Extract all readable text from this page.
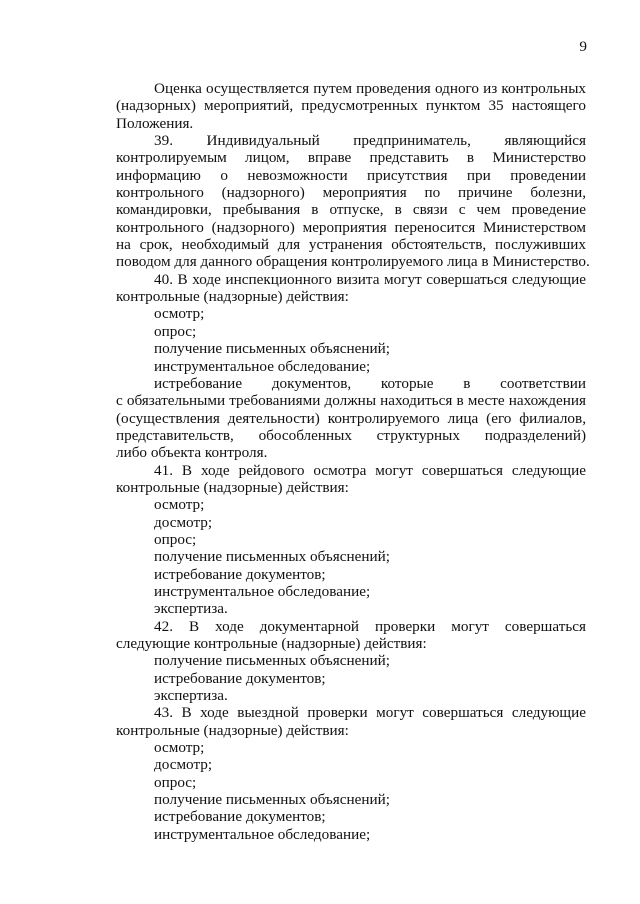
9
Оценка осуществляется путем проведения одного из контрольных
(надзорных) мероприятий, предусмотренных пунктом 35 настоящего
Положения.
39. Индивидуальный предприниматель, являющийся
контролируемым лицом, вправе представить в Министерство
информацию о невозможности присутствия при проведении
контрольного (надзорного) мероприятия по причине болезни,
командировки, пребывания в отпуске, в связи с чем проведение
контрольного (надзорного) мероприятия переносится Министерством
на срок, необходимый для устранения обстоятельств, послуживших
поводом для данного обращения контролируемого лица в Министерство.
40. В ходе инспекционного визита могут совершаться следующие
контрольные (надзорные) действия:
осмотр;
опрос;
получение письменных объяснений;
инструментальное обследование;
истребование документов, которые в соответствии
с обязательными требованиями должны находиться в месте нахождения
(осуществления деятельности) контролируемого лица (его филиалов,
представительств, обособленных структурных подразделений)
либо объекта контроля.
41. В ходе рейдового осмотра могут совершаться следующие
контрольные (надзорные) действия:
осмотр;
досмотр;
опрос;
получение письменных объяснений;
истребование документов;
инструментальное обследование;
экспертиза.
42. В ходе документарной проверки могут совершаться
следующие контрольные (надзорные) действия:
получение письменных объяснений;
истребование документов;
экспертиза.
43. В ходе выездной проверки могут совершаться следующие
контрольные (надзорные) действия:
осмотр;
досмотр;
опрос;
получение письменных объяснений;
истребование документов;
инструментальное обследование;
